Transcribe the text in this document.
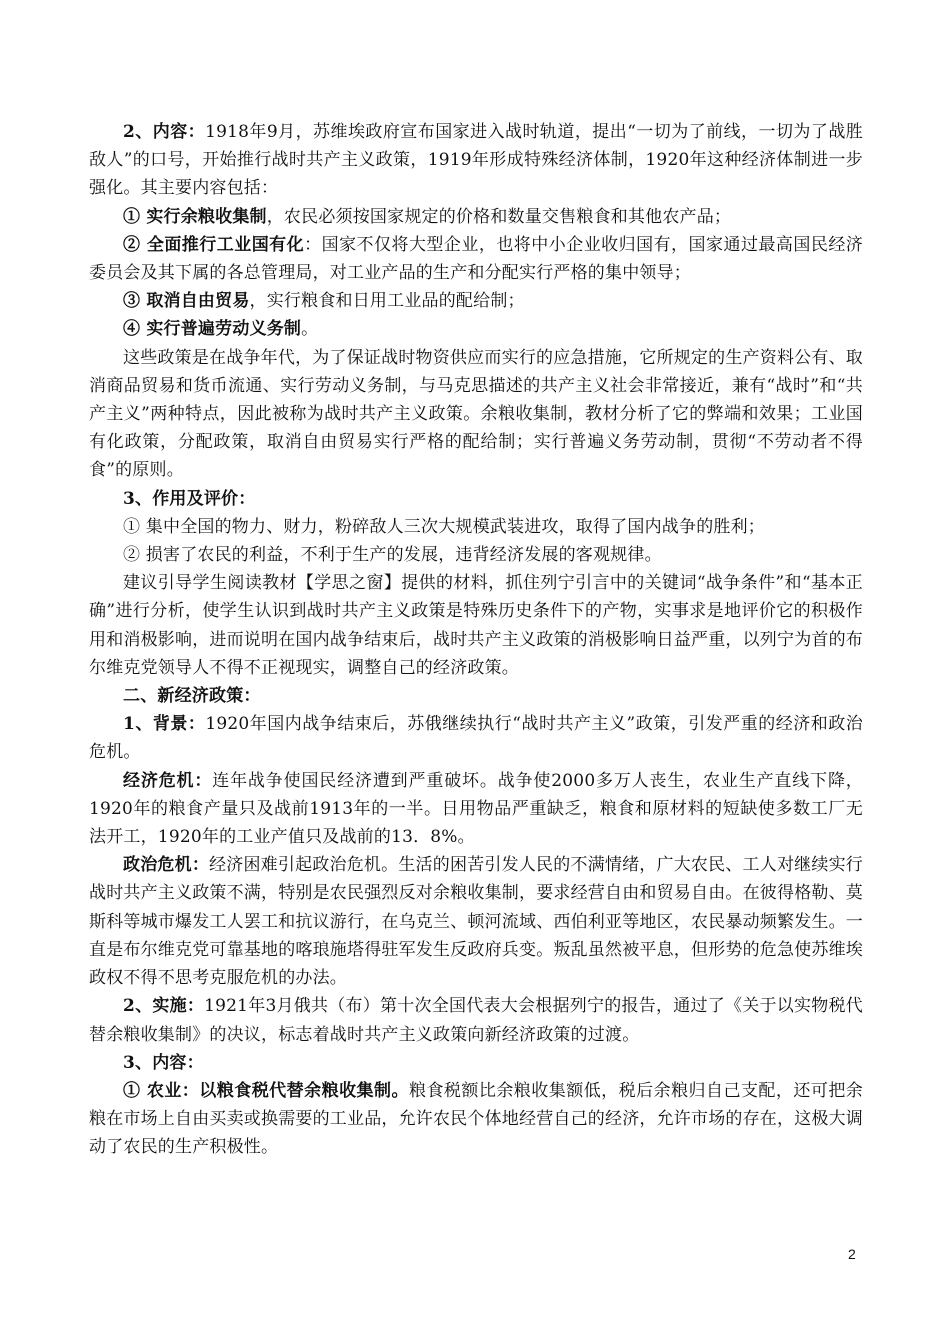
2、内容：1918年9月，苏维埃政府宣布国家进入战时轨道，提出“一切为了前线，一切为了战胜敌人”的口号，开始推行战时共产主义政策，1919年形成特殊经济体制，1920年这种经济体制进一步强化。其主要内容包括：

① 实行余粮收集制，农民必须按国家规定的价格和数量交售粮食和其他农产品；

② 全面推行工业国有化：国家不仅将大型企业，也将中小企业收归国有，国家通过最高国民经济委员会及其下属的各总管理局，对工业产品的生产和分配实行严格的集中领导；

③ 取消自由贸易，实行粮食和日用工业品的配给制；

④ 实行普遍劳动义务制。

这些政策是在战争年代，为了保证战时物资供应而实行的应急措施，它所规定的生产资料公有、取消商品贸易和货币流通、实行劳动义务制，与马克思描述的共产主义社会非常接近，兼有“战时”和“共产主义”两种特点，因此被称为战时共产主义政策。余粮收集制，教材分析了它的弊端和效果；工业国有化政策，分配政策，取消自由贸易实行严格的配给制；实行普遍义务劳动制，贯彻“不劳动者不得食”的原则。

3、作用及评价：

① 集中全国的物力、财力，粉碎敌人三次大规模武装进攻，取得了国内战争的胜利；

② 损害了农民的利益，不利于生产的发展，违背经济发展的客观规律。

建议引导学生阅读教材【学思之窗】提供的材料，抓住列宁引言中的关键词“战争条件”和“基本正确”进行分析，使学生认识到战时共产主义政策是特殊历史条件下的产物，实事求是地评价它的积极作用和消极影响，进而说明在国内战争结束后，战时共产主义政策的消极影响日益严重，以列宁为首的布尔维克党领导人不得不正视现实，调整自己的经济政策。

二、新经济政策：

1、背景：1920年国内战争结束后，苏俄继续执行“战时共产主义”政策，引发严重的经济和政治危机。

经济危机：连年战争使国民经济遭到严重破坏。战争使2000多万人丧生，农业生产直线下降，1920年的粮食产量只及战前1913年的一半。日用物品严重缺乏，粮食和原材料的短缺使多数工厂无法开工，1920年的工业产值只及战前的13．8%。

政治危机：经济困难引起政治危机。生活的困苦引发人民的不满情绪，广大农民、工人对继续实行战时共产主义政策不满，特别是农民强烈反对余粮收集制，要求经营自由和贸易自由。在彼得格勒、莫斯科等城市爆发工人罢工和抗议游行，在乌克兰、顿河流域、西伯利亚等地区，农民暴动频繁发生。一直是布尔维克党可靠基地的喀琅施塔得驻军发生反政府兵变。叛乱虽然被平息，但形势的危急使苏维埃政权不得不思考克服危机的办法。

2、实施：1921年3月俄共（布）第十次全国代表大会根据列宁的报告，通过了《关于以实物税代替余粮收集制》的决议，标志着战时共产主义政策向新经济政策的过渡。

3、内容：

① 农业：以粮食税代替余粮收集制。粮食税额比余粮收集额低，税后余粮归自己支配，还可把余粮在市场上自由买卖或换需要的工业品，允许农民个体地经营自己的经济，允许市场的存在，这极大调动了农民的生产积极性。

2
